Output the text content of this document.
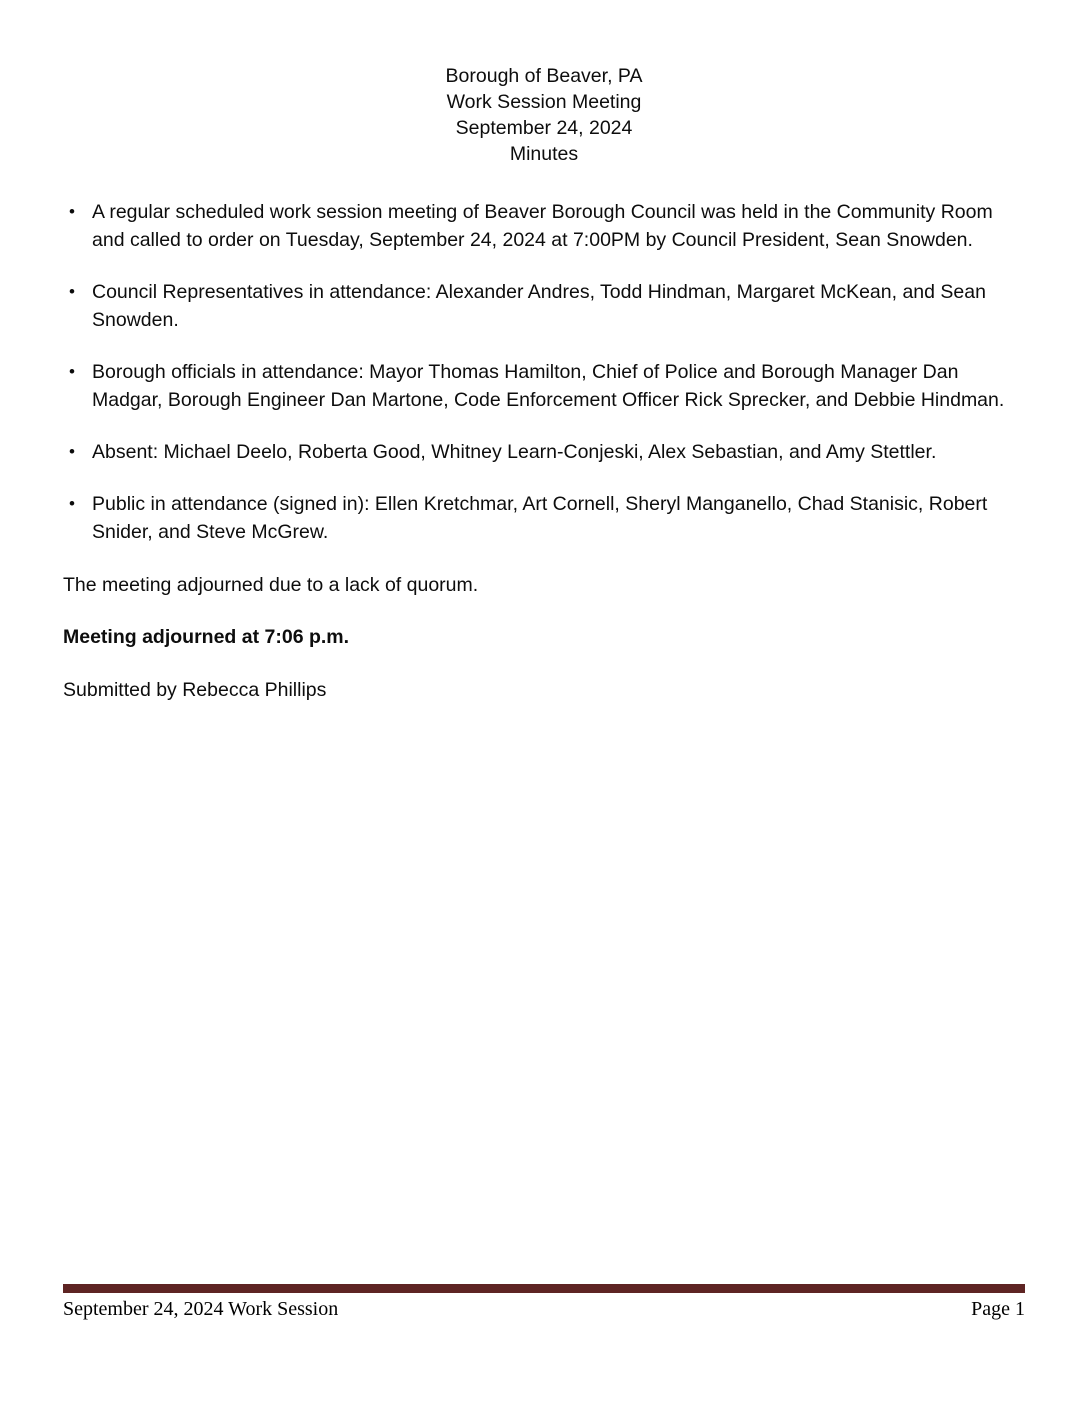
Borough of Beaver, PA
Work Session Meeting
September 24, 2024
Minutes
• A regular scheduled work session meeting of Beaver Borough Council was held in the Community Room and called to order on Tuesday, September 24, 2024 at 7:00PM by Council President, Sean Snowden.
• Council Representatives in attendance: Alexander Andres, Todd Hindman, Margaret McKean, and Sean Snowden.
• Borough officials in attendance: Mayor Thomas Hamilton, Chief of Police and Borough Manager Dan Madgar, Borough Engineer Dan Martone, Code Enforcement Officer Rick Sprecker, and Debbie Hindman.
• Absent: Michael Deelo, Roberta Good, Whitney Learn-Conjeski, Alex Sebastian, and Amy Stettler.
• Public in attendance (signed in): Ellen Kretchmar, Art Cornell, Sheryl Manganello, Chad Stanisic, Robert Snider, and Steve McGrew.
The meeting adjourned due to a lack of quorum.
Meeting adjourned at 7:06 p.m.
Submitted by Rebecca Phillips
September 24, 2024 Work Session	Page 1
